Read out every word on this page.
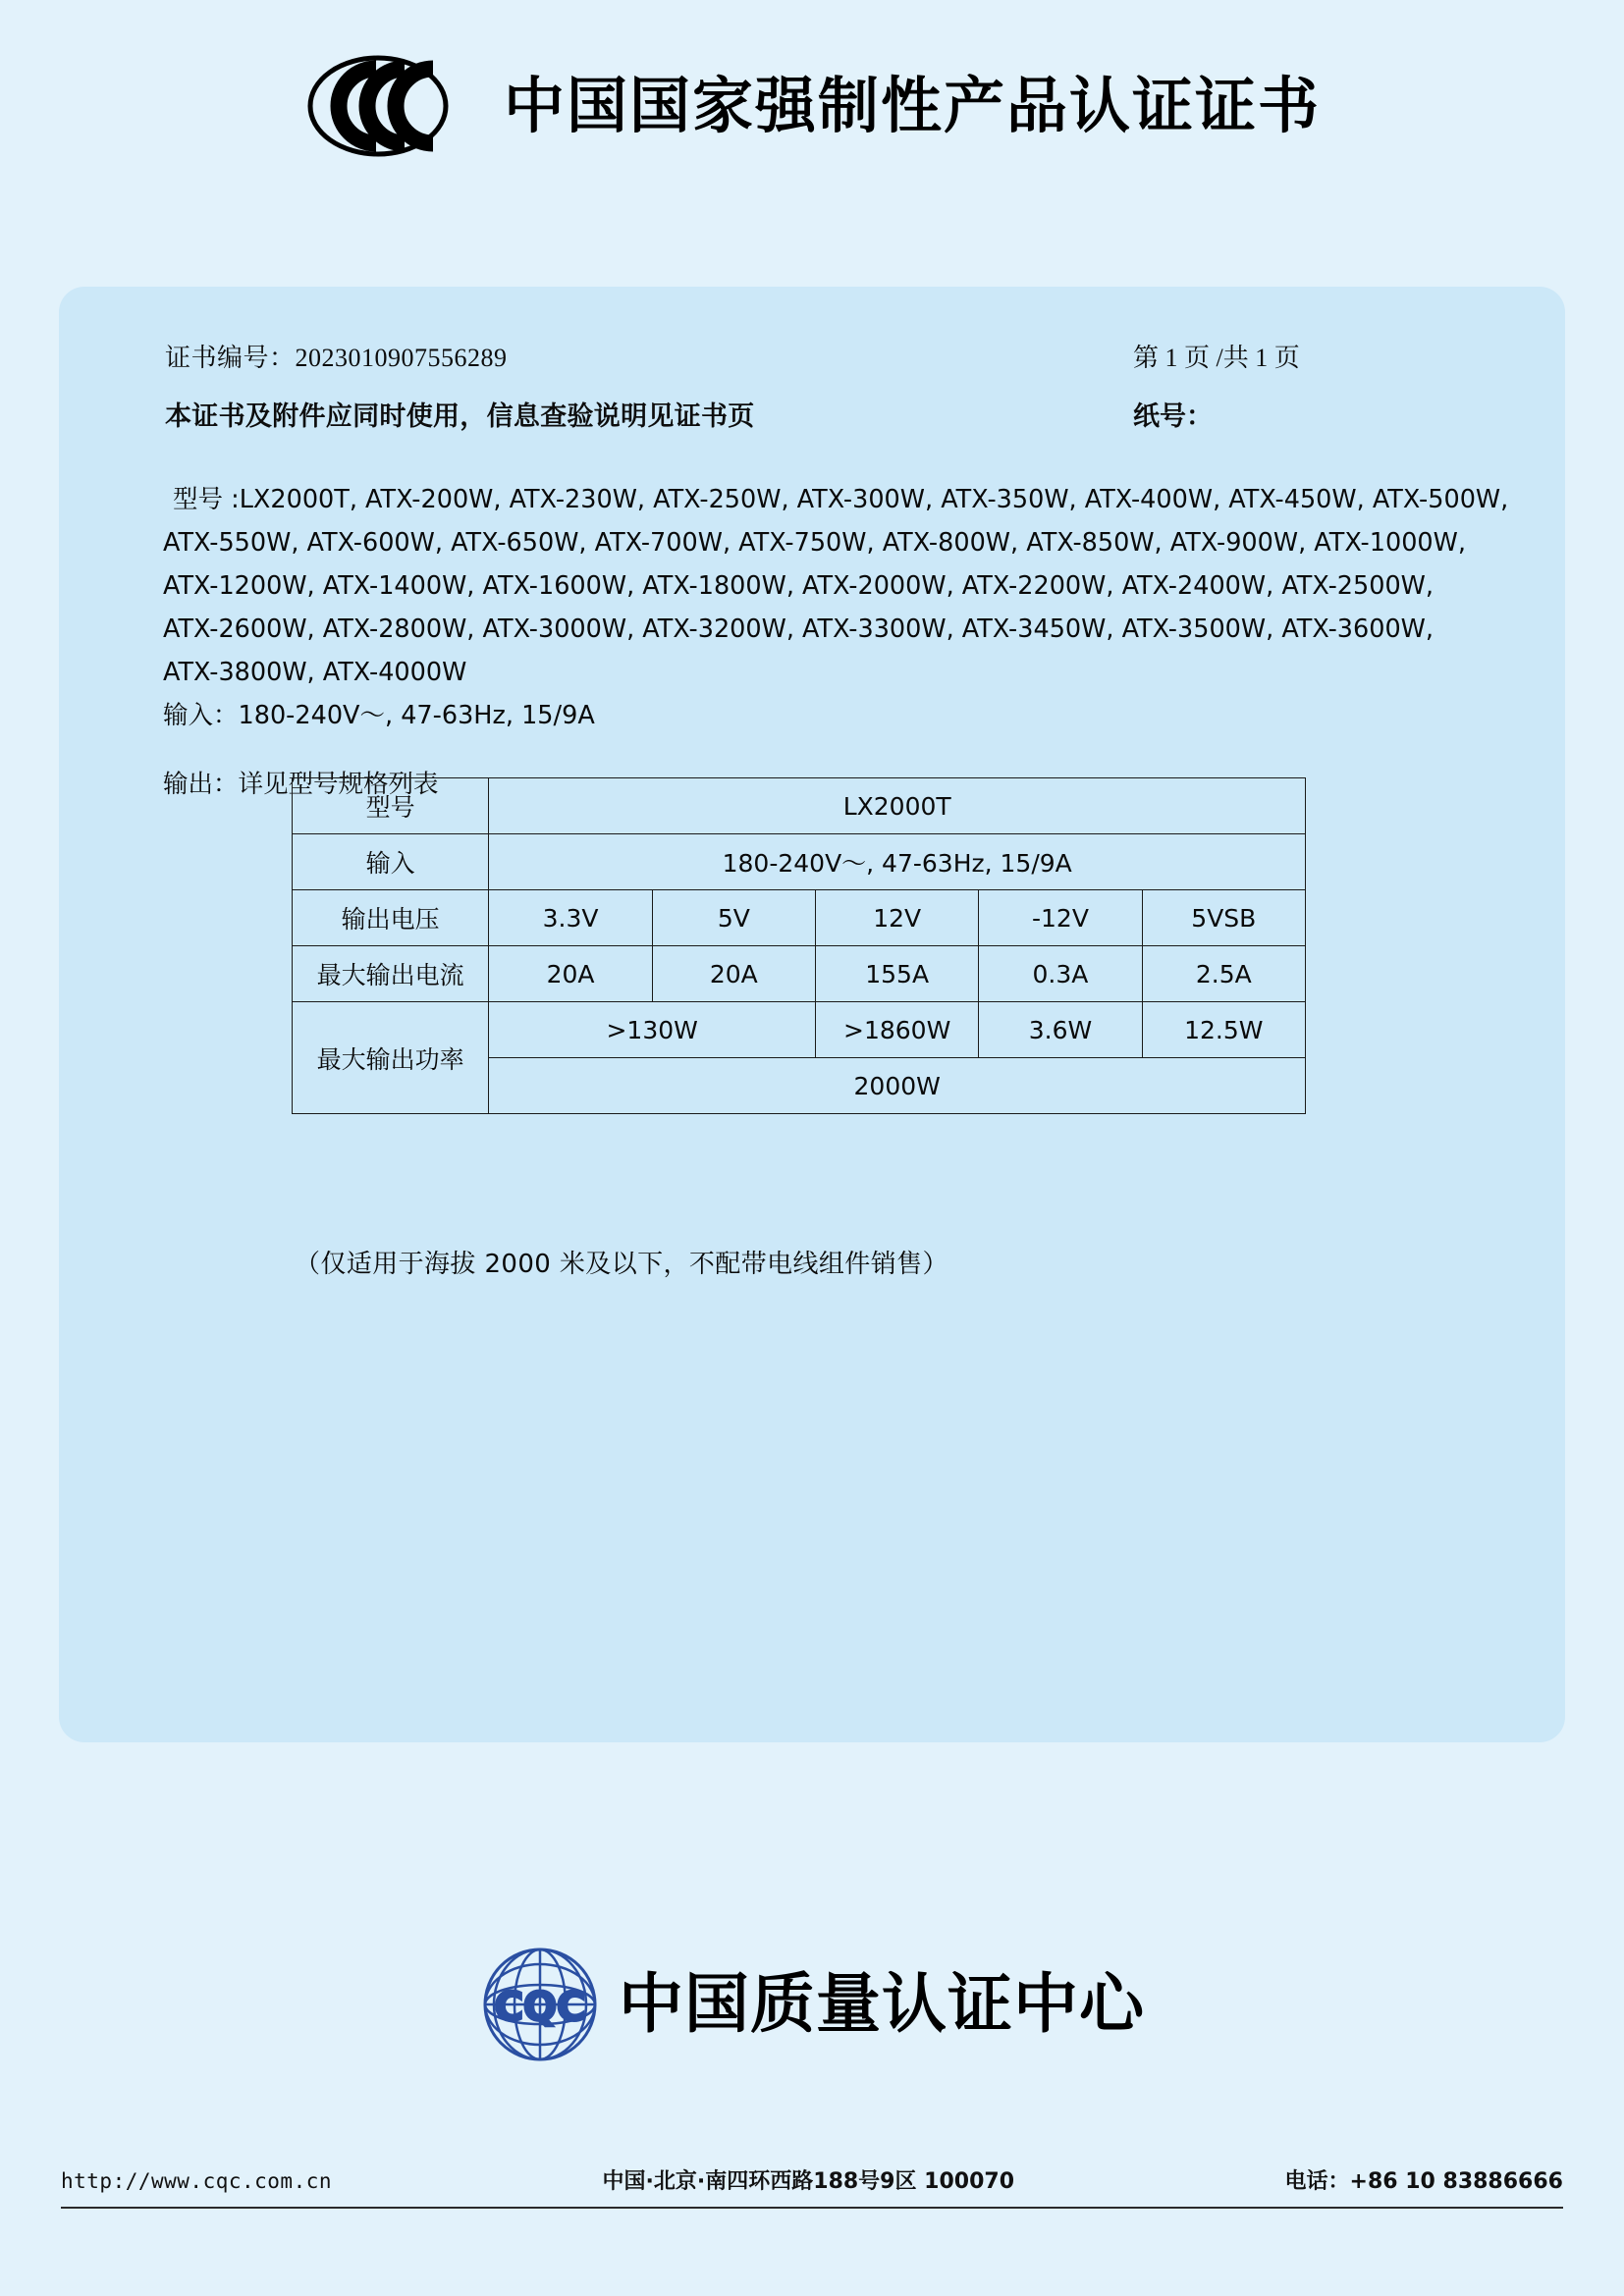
中国国家强制性产品认证证书
证书编号：2023010907556289	第 1 页 /共 1 页
本证书及附件应同时使用，信息查验说明见证书页	纸号：
型号 :LX2000T, ATX-200W, ATX-230W, ATX-250W, ATX-300W, ATX-350W, ATX-400W, ATX-450W, ATX-500W,
ATX-550W, ATX-600W, ATX-650W, ATX-700W, ATX-750W, ATX-800W, ATX-850W, ATX-900W, ATX-1000W,
ATX-1200W, ATX-1400W, ATX-1600W, ATX-1800W, ATX-2000W, ATX-2200W, ATX-2400W, ATX-2500W,
ATX-2600W, ATX-2800W, ATX-3000W, ATX-3200W, ATX-3300W, ATX-3450W, ATX-3500W, ATX-3600W,
ATX-3800W, ATX-4000W
输入：180-240V～, 47-63Hz, 15/9A
输出：详见型号规格列表
型号	LX2000T				
输入	180-240V～, 47-63Hz, 15/9A				
输出电压	3.3V	5V	12V	-12V	5VSB
最大输出电流	20A	20A	155A	0.3A	2.5A
最大输出功率	>130W		>1860W	3.6W	12.5W
	2000W				
（仅适用于海拔 2000 米及以下，不配带电线组件销售）
CQC 中国质量认证中心
http://www.cqc.com.cn	中国·北京·南四环西路188号9区 100070	电话：+86 10 83886666
